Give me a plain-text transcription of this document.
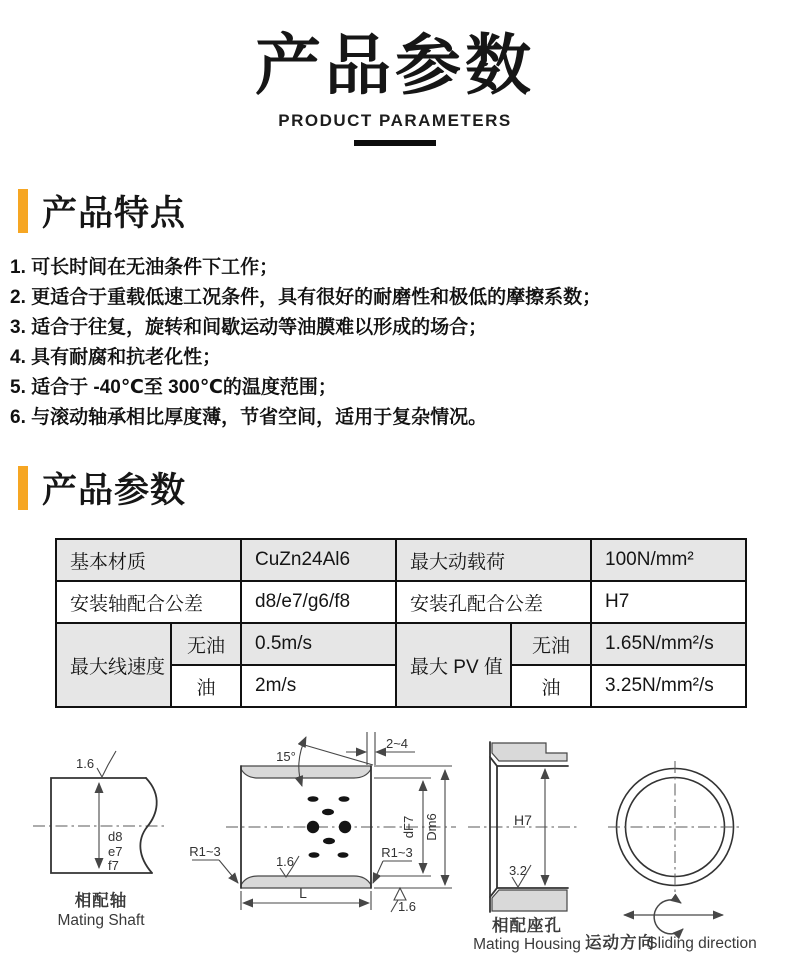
产品参数
PRODUCT PARAMETERS
产品特点
1. 可长时间在无油条件下工作；
2. 更适合于重载低速工况条件，具有很好的耐磨性和极低的摩擦系数；
3. 适合于往复，旋转和间歇运动等油膜难以形成的场合；
4. 具有耐腐和抗老化性；
5. 适合于 -40℃至 300℃的温度范围；
6. 与滚动轴承相比厚度薄，节省空间，适用于复杂情况。
产品参数
基本材质		CuZn24Al6	最大动载荷		100N/mm²
安装轴配合公差		d8/e7/g6/f8	安装孔配合公差		H7
最大线速度	无油	0.5m/s	最大 PV 值	无油	1.65N/mm²/s
	油	2m/s		油	3.25N/mm²/s
d8
e7
f7
1.6
相配轴
Mating Shaft
15°
2~4
R1~3	R1~3
1.6
L
dF7 Dm6
1.6
H7
3.2
相配座孔
Mating Housing 运动方向
Sliding direction
